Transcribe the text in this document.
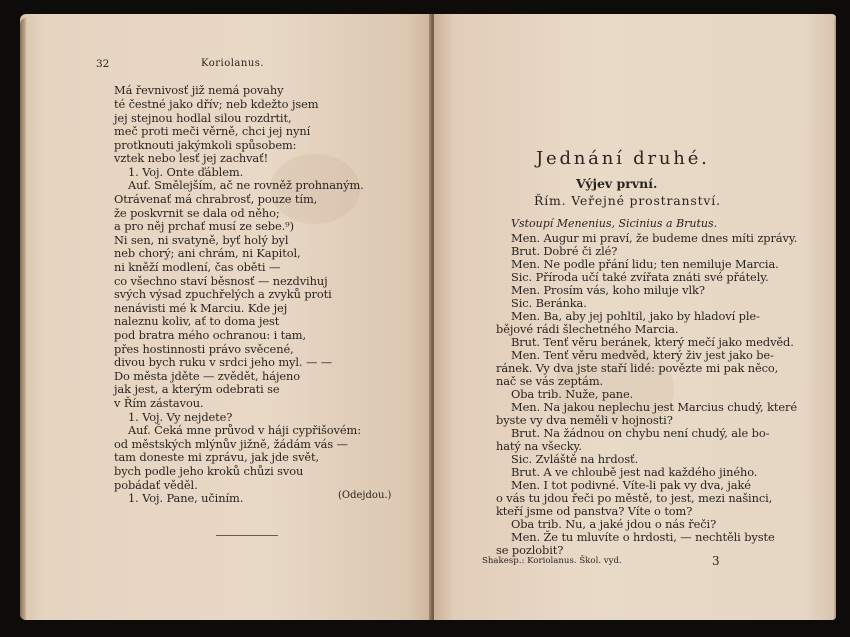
32	Koriolanus.
Má řevnivosť již nemá povahy
té čestné jako dřív; neb kdežto jsem
jej stejnou hodlal silou rozdrtit,
meč proti meči věrně, chci jej nyní
protknouti jakýmkoli spůsobem:
vztek nebo lesť jej zachvať!
1. Voj. Onte ďáblem.
Auf. Smělejším, ač ne rovněž prohnaným.
Otrávenať má chrabrosť, pouze tím,
že poskvrnit se dala od něho;
a pro něj prchať musí ze sebe.⁹)
Ni sen, ni svatyně, byť holý byl
neb chorý; ani chrám, ni Kapitol,
ni kněží modlení, čas oběti —
co všechno staví běsnosť — nezdvihuj
svých výsad zpuchřelých a zvyků proti
nenávisti mé k Marciu. Kde jej
naleznu koliv, ať to doma jest
pod bratra mého ochranou: i tam,
přes hostinnosti právo svěcené,
divou bych ruku v srdci jeho myl. — —
Do města jděte — zvědět, hájeno
jak jest, a kterým odebrati se
v Řím zástavou.
1. Voj. Vy nejdete?
Auf. Čeká mne průvod v háji cypřišovém:
od městských mlýnův jižně, žádám vás —
tam doneste mi zprávu, jak jde svět,
bych podle jeho kroků chůzi svou
pobádať věděl.
1. Voj. Pane, učiním.	(Odejdou.)
Jednání druhé.
Výjev první.
Řím. Veřejné prostranství.
Vstoupí Menenius, Sicinius a Brutus.
Men. Augur mi praví, že budeme dnes míti zprávy.
Brut. Dobré či zlé?
Men. Ne podle přání lidu; ten nemiluje Marcia.
Sic. Příroda učí také zvířata znáti své přátely.
Men. Prosím vás, koho miluje vlk?
Sic. Beránka.
Men. Ba, aby jej pohltil, jako by hladoví ple-
bějové rádi šlechetného Marcia.
Brut. Tenť věru beránek, který mečí jako medvěd.
Men. Tenť věru medvěd, který živ jest jako be-
ránek. Vy dva jste staří lidé: povězte mi pak něco,
nač se vás zeptám.
Oba trib. Nuže, pane.
Men. Na jakou neplechu jest Marcius chudý, které
byste vy dva neměli v hojnosti?
Brut. Na žádnou on chybu není chudý, ale bo-
hatý na všecky.
Sic. Zvláště na hrdosť.
Brut. A ve chloubě jest nad každého jiného.
Men. I tot podivné. Víte-li pak vy dva, jaké
o vás tu jdou řeči po městě, to jest, mezi našinci,
kteří jsme od panstva? Víte o tom?
Oba trib. Nu, a jaké jdou o nás řeči?
Men. Že tu mluvíte o hrdosti, — nechtěli byste
se pozlobit?
Shakesp.: Koriolanus. Škol. vyd.	3
